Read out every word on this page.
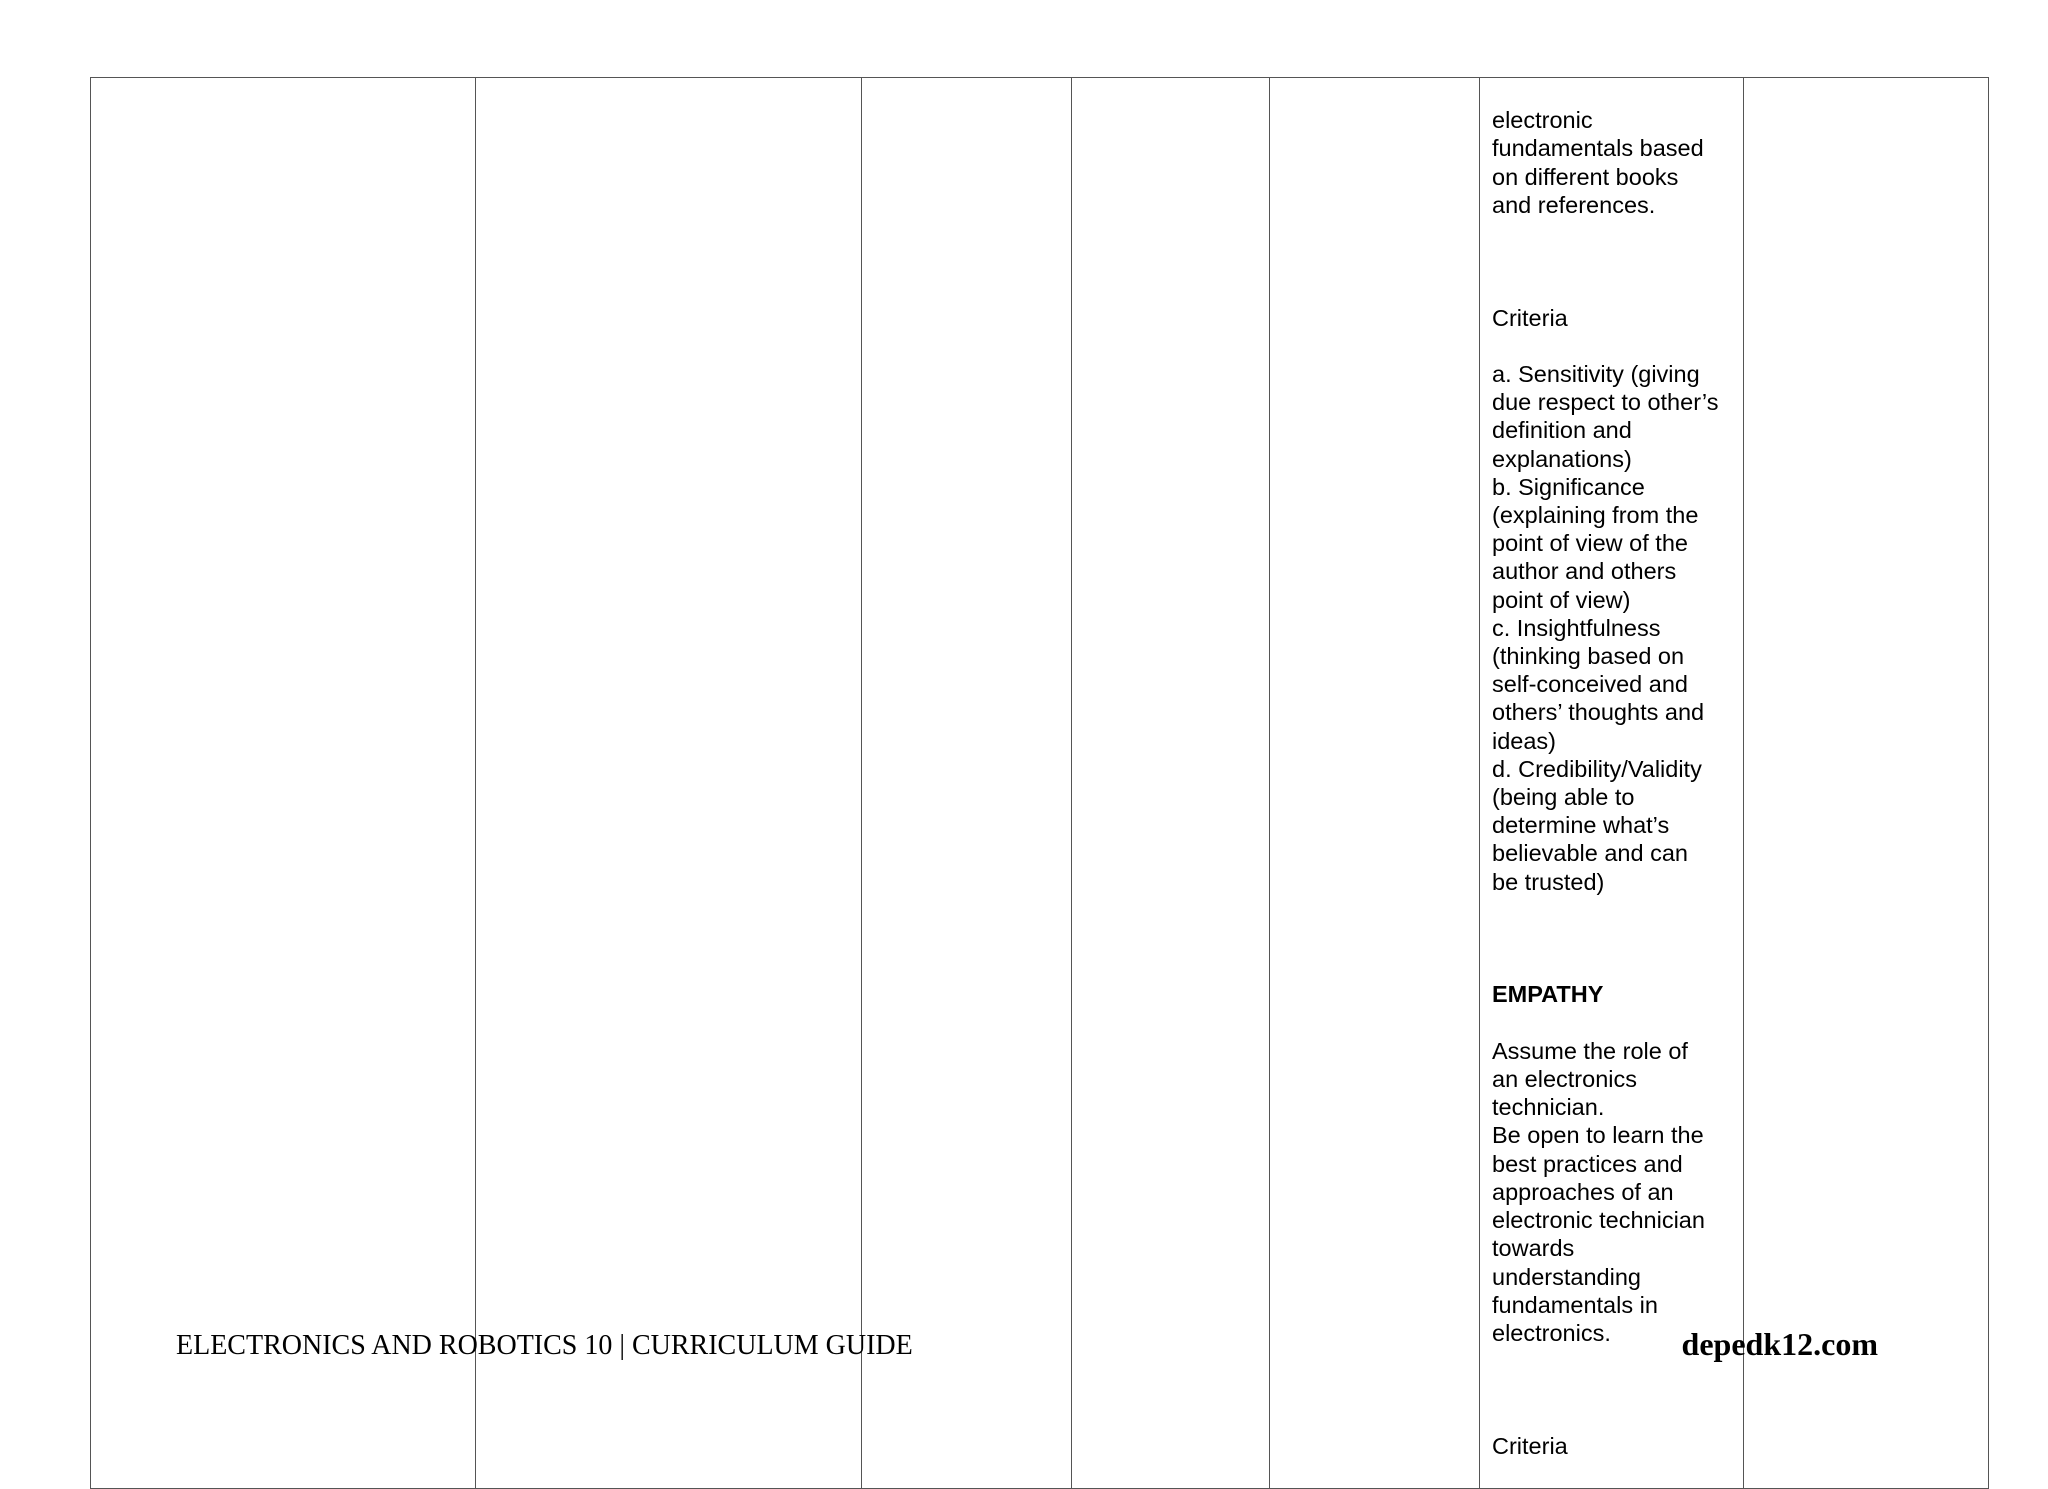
electronic
fundamentals based
on different books
and references.

Criteria

a. Sensitivity (giving
due respect to other’s
definition and
explanations)
b. Significance
(explaining from the
point of view of the
author and others
point of view)
c. Insightfulness
(thinking based on
self-conceived and
others’ thoughts and
ideas)
d. Credibility/Validity
(being able to
determine what’s
believable and can
be trusted)

EMPATHY

Assume the role of
an electronics
technician.
Be open to learn the
best practices and
approaches of an
electronic technician
towards
understanding
fundamentals in
electronics.

Criteria

ELECTRONICS AND ROBOTICS 10 | CURRICULUM GUIDE	depedk12.com
